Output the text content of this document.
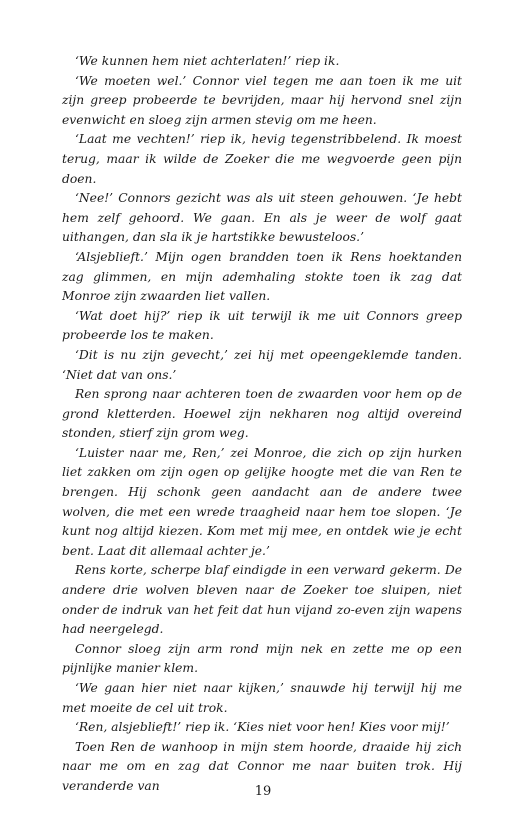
‘We kunnen hem niet achterlaten!’ riep ik.

‘We moeten wel.’ Connor viel tegen me aan toen ik me uit zijn greep probeerde te bevrijden, maar hij hervond snel zijn evenwicht en sloeg zijn armen stevig om me heen.

‘Laat me vechten!’ riep ik, hevig tegenstribbelend. Ik moest terug, maar ik wilde de Zoeker die me wegvoerde geen pijn doen.

‘Nee!’ Connors gezicht was als uit steen gehouwen. ‘Je hebt hem zelf gehoord. We gaan. En als je weer de wolf gaat uithangen, dan sla ik je hartstikke bewusteloos.’

‘Alsjeblieft.’ Mijn ogen brandden toen ik Rens hoektanden zag glimmen, en mijn ademhaling stokte toen ik zag dat Monroe zijn zwaarden liet vallen.

‘Wat doet hij?’ riep ik uit terwijl ik me uit Connors greep probeerde los te maken.

‘Dit is nu zijn gevecht,’ zei hij met opeengeklemde tanden. ‘Niet dat van ons.’

Ren sprong naar achteren toen de zwaarden voor hem op de grond kletterden. Hoewel zijn nekharen nog altijd overeind stonden, stierf zijn grom weg.

‘Luister naar me, Ren,’ zei Monroe, die zich op zijn hurken liet zakken om zijn ogen op gelijke hoogte met die van Ren te brengen. Hij schonk geen aandacht aan de andere twee wolven, die met een wrede traagheid naar hem toe slopen. ‘Je kunt nog altijd kiezen. Kom met mij mee, en ontdek wie je echt bent. Laat dit allemaal achter je.’

Rens korte, scherpe blaf eindigde in een verward gekerm. De andere drie wolven bleven naar de Zoeker toe sluipen, niet onder de indruk van het feit dat hun vijand zo-even zijn wapens had neergelegd.

Connor sloeg zijn arm rond mijn nek en zette me op een pijnlijke manier klem.

‘We gaan hier niet naar kijken,’ snauwde hij terwijl hij me met moeite de cel uit trok.

‘Ren, alsjeblieft!’ riep ik. ‘Kies niet voor hen! Kies voor mij!’

Toen Ren de wanhoop in mijn stem hoorde, draaide hij zich naar me om en zag dat Connor me naar buiten trok. Hij veranderde van	19
